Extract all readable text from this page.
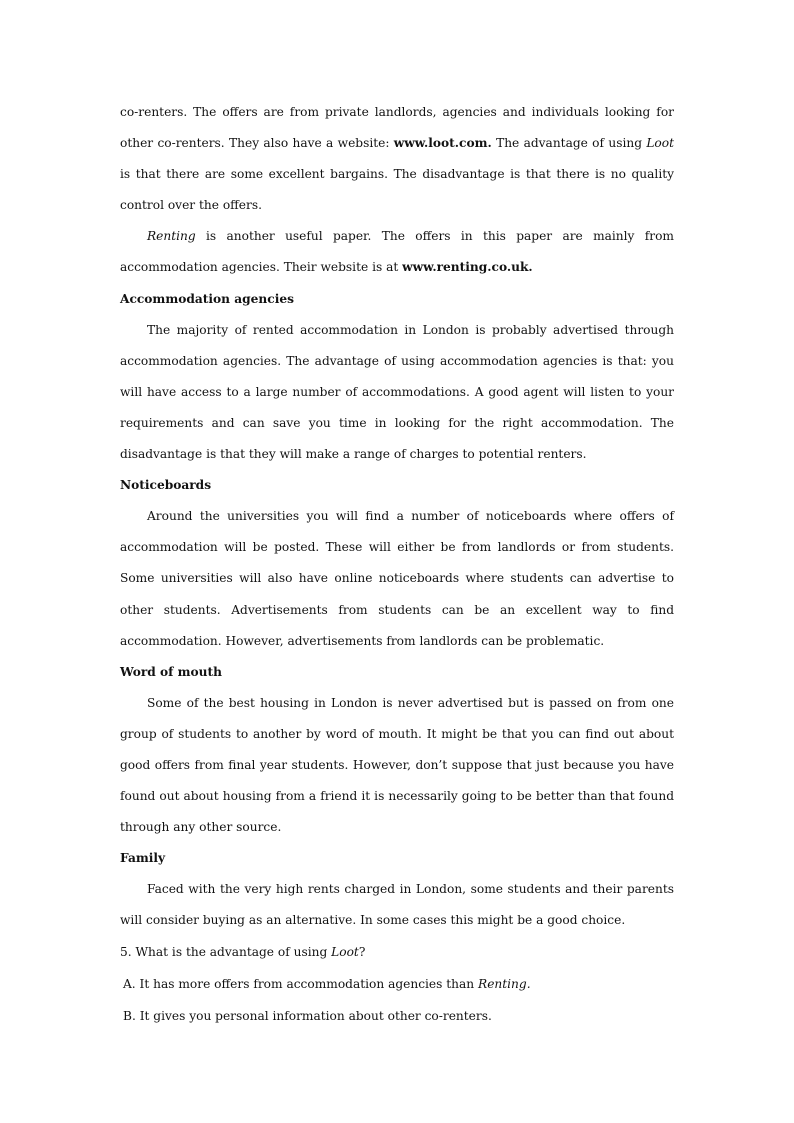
co-renters. The offers are from private landlords, agencies and individuals looking for other co-renters. They also have a website: www.loot.com. The advantage of using Loot is that there are some excellent bargains. The disadvantage is that there is no quality control over the offers.

Renting is another useful paper. The offers in this paper are mainly from accommodation agencies. Their website is at www.renting.co.uk.

Accommodation agencies

The majority of rented accommodation in London is probably advertised through accommodation agencies. The advantage of using accommodation agencies is that: you will have access to a large number of accommodations. A good agent will listen to your requirements and can save you time in looking for the right accommodation. The disadvantage is that they will make a range of charges to potential renters.

Noticeboards

Around the universities you will find a number of noticeboards where offers of accommodation will be posted. These will either be from landlords or from students. Some universities will also have online noticeboards where students can advertise to other students. Advertisements from students can be an excellent way to find accommodation. However, advertisements from landlords can be problematic.

Word of mouth

Some of the best housing in London is never advertised but is passed on from one group of students to another by word of mouth. It might be that you can find out about good offers from final year students. However, don’t suppose that just because you have found out about housing from a friend it is necessarily going to be better than that found through any other source.

Family

Faced with the very high rents charged in London, some students and their parents will consider buying as an alternative. In some cases this might be a good choice.

5. What is the advantage of using Loot?

A. It has more offers from accommodation agencies than Renting.

B. It gives you personal information about other co-renters.
